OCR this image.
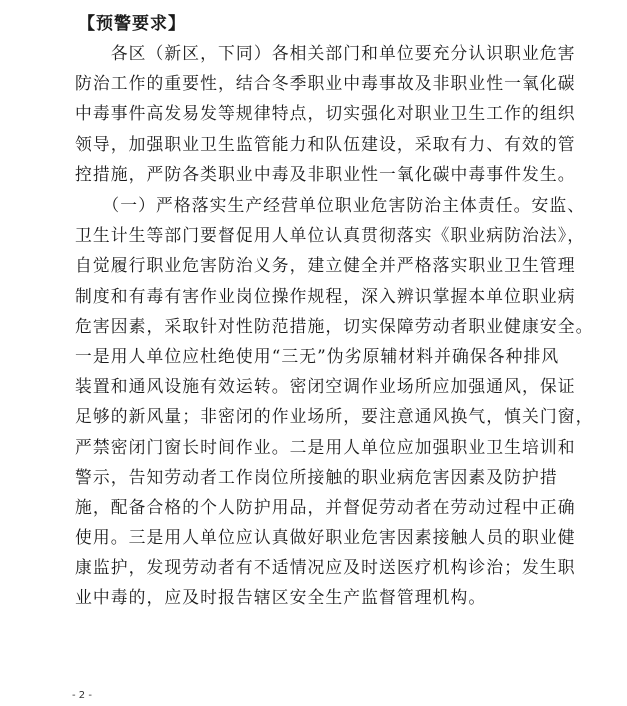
【预警要求】
　　各区（新区，下同）各相关部门和单位要充分认识职业危害
防治工作的重要性，结合冬季职业中毒事故及非职业性一氧化碳
中毒事件高发易发等规律特点，切实强化对职业卫生工作的组织
领导，加强职业卫生监管能力和队伍建设，采取有力、有效的管
控措施，严防各类职业中毒及非职业性一氧化碳中毒事件发生。
　　（一）严格落实生产经营单位职业危害防治主体责任。安监、
卫生计生等部门要督促用人单位认真贯彻落实《职业病防治法》，
自觉履行职业危害防治义务，建立健全并严格落实职业卫生管理
制度和有毒有害作业岗位操作规程，深入辨识掌握本单位职业病
危害因素，采取针对性防范措施，切实保障劳动者职业健康安全。
一是用人单位应杜绝使用“三无”伪劣原辅材料并确保各种排风
装置和通风设施有效运转。密闭空调作业场所应加强通风，保证
足够的新风量；非密闭的作业场所，要注意通风换气，慎关门窗，
严禁密闭门窗长时间作业。二是用人单位应加强职业卫生培训和
警示，告知劳动者工作岗位所接触的职业病危害因素及防护措
施，配备合格的个人防护用品，并督促劳动者在劳动过程中正确
使用。三是用人单位应认真做好职业危害因素接触人员的职业健
康监护，发现劳动者有不适情况应及时送医疗机构诊治；发生职
业中毒的，应及时报告辖区安全生产监督管理机构。
- 2 -
